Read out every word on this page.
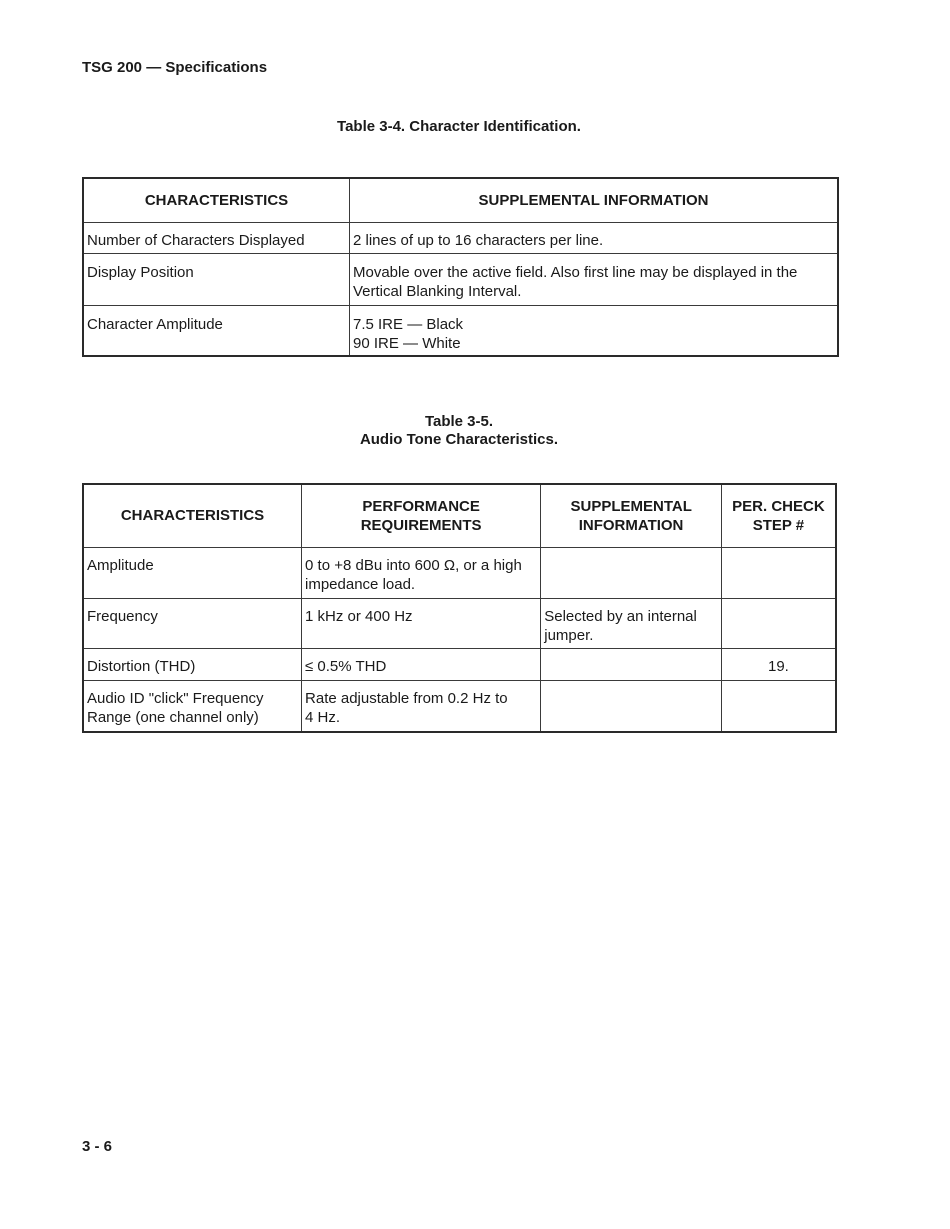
TSG 200 — Specifications
Table 3-4. Character Identification.
CHARACTERISTICS	SUPPLEMENTAL INFORMATION
Number of Characters Displayed	2 lines of up to 16 characters per line.

Display Position	Movable over the active field. Also first line may be displayed in the
Vertical Blanking Interval.

Character Amplitude	7.5 IRE — Black
90 IRE — White
Table 3-5.
Audio Tone Characteristics.
CHARACTERISTICS	PERFORMANCE REQUIREMENTS	SUPPLEMENTAL INFORMATION	PER. CHECK STEP #

Amplitude	0 to +8 dBu into 600 Ω, or a high
impedance load.		

Frequency	1 kHz or 400 Hz	Selected by an internal
jumper.	

Distortion (THD)	≤ 0.5% THD		19.

Audio ID "click" Frequency
Range (one channel only)	Rate adjustable from 0.2 Hz to
4 Hz.		

3 - 6
